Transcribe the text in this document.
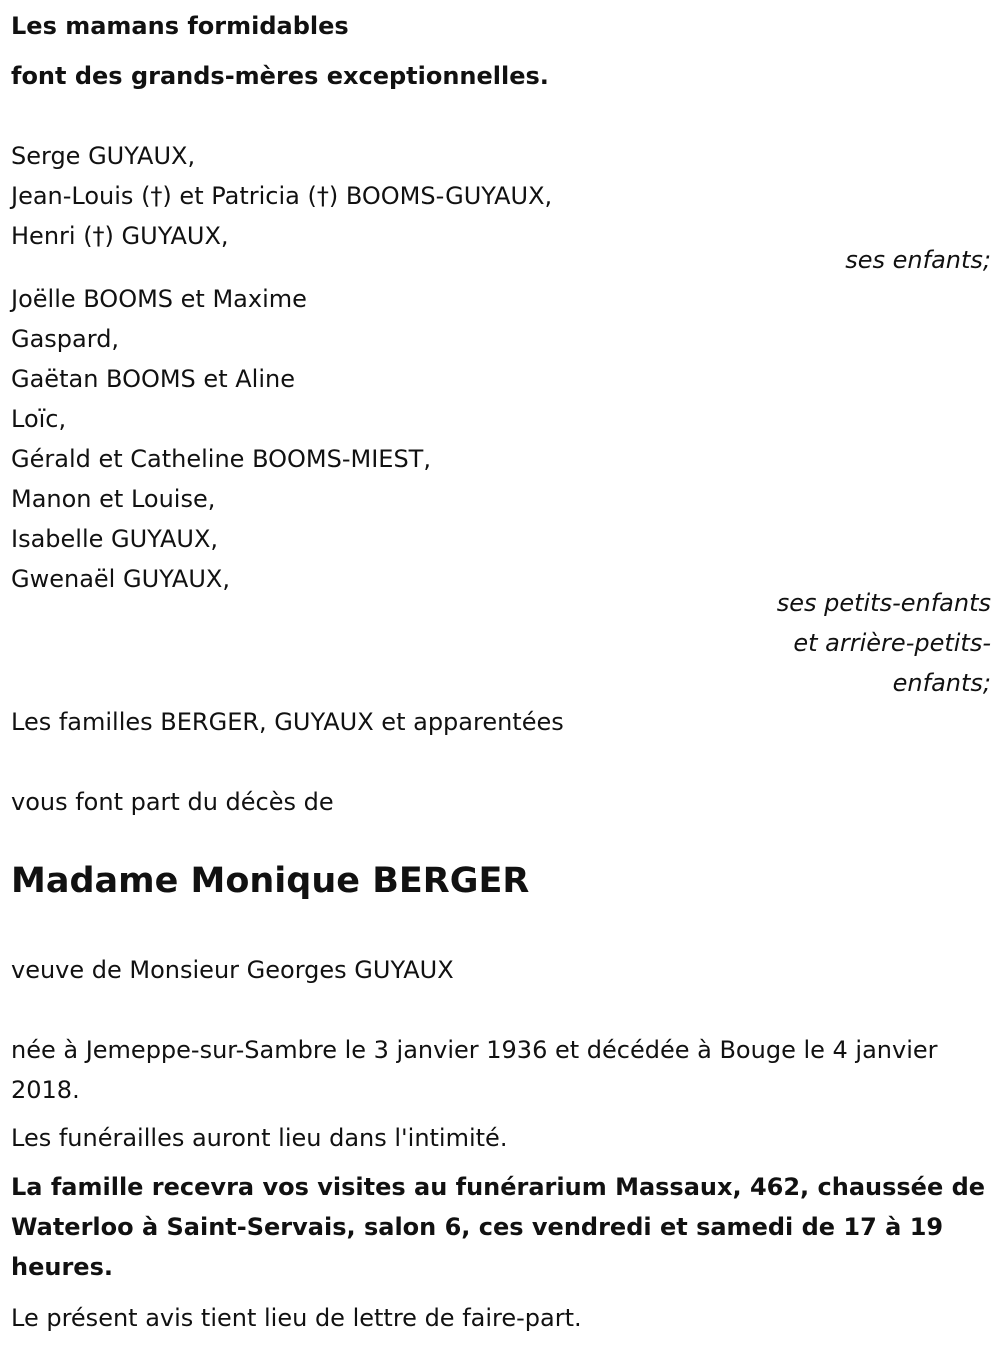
Les mamans formidables
font des grands-mères exceptionnelles.
Serge GUYAUX,
Jean-Louis (†) et Patricia (†) BOOMS-GUYAUX,
Henri (†) GUYAUX,
ses enfants;
Joëlle BOOMS et Maxime
Gaspard,
Gaëtan BOOMS et Aline
Loïc,
Gérald et Catheline BOOMS-MIEST,
Manon et Louise,
Isabelle GUYAUX,
Gwenaël GUYAUX,
ses petits-enfants
et arrière-petits-
enfants;
Les familles BERGER, GUYAUX et apparentées
vous font part du décès de
Madame Monique BERGER
veuve de Monsieur Georges GUYAUX
née à Jemeppe-sur-Sambre le 3 janvier 1936 et décédée à Bouge le 4 janvier 2018.
Les funérailles auront lieu dans l'intimité.
La famille recevra vos visites au funérarium Massaux, 462, chaussée de Waterloo à Saint-Servais, salon 6, ces vendredi et samedi de 17 à 19 heures.
Le présent avis tient lieu de lettre de faire-part.
